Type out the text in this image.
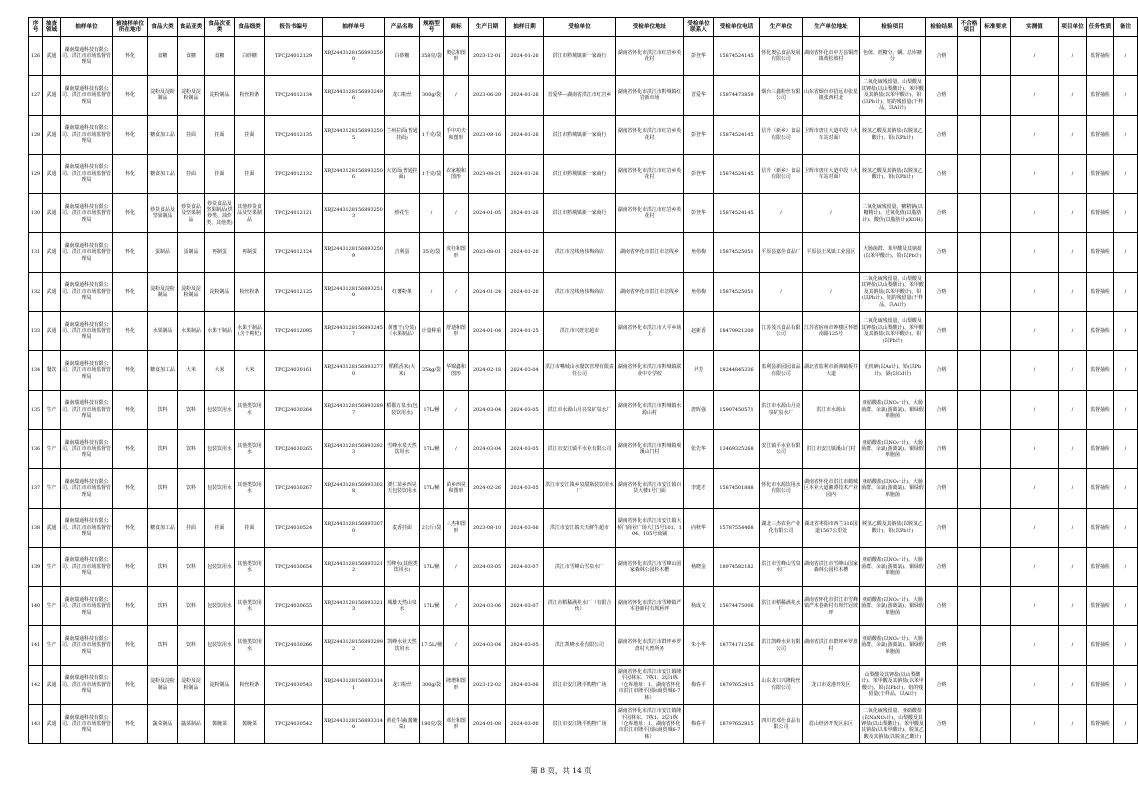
序号	抽查领域	抽样单位	被抽样单位所在地市	食品大类	食品亚类	食品次亚类	食品细类	报告书编号	抽样单号	产品名称	规格型号	商标	生产日期	抽样日期	受检单位	受检单位地址	受检单位联系人	受检单位电话	生产单位	生产单位地址	检验项目	检验结果	不合格项目	标准要求	实测值	项目单位	任务性质	备注
126	武通	湖南瑞通科技有限公司、洪江市市场监督管理局	怀化	食糖	食糖	食糖	白砂糖	TPCJ24012129	XBJ24431281568932500	白砂糖	358克/袋	奥弘和图形	2023-12-01	2024-01-26	洪江市黔城镇新一家商行	湖南省怀化市洪江市红岩乡英花村	彭登华	15874524145	怀化奥弘食品发展有限公司	湖南省怀化市中方县铜湾镇黄松坡村	色值、蔗糖分、螨、总库糖分	合格			/	/	监督抽检	/
127	武通	湖南瑞通科技有限公司、洪江市市场监督管理局	怀化	淀粉及淀粉制品	淀粉及淀粉制品	淀粉制品	粉丝粉条	TPCJ24012134	XBJ24431281568932496	龙口粉丝	300g/袋	/	2023-06-20	2024-01-26	晋爱华—湖南省洪江市红岩乡	湖南省怀化市洪江市黔城镇红岩新市场	晋爱华	15874473859	烟台三鑫粉丝有限公司	山东省烟台市招远市张星镇张西村北	二氧化硫残留量、山梨酸及其钾盐(以山梨酸计)、苯甲酸及其钠盐(以苯甲酸计)、铅(以Pb计)、铝的残留量(干样品，以Al计)	合格			/	/	监督抽检	/
128	武通	湖南瑞通科技有限公司、洪江市市场监督管理局	怀化	糖食加工品	挂面	挂面	挂面	TPCJ24012135	XBJ24431281568932505	兰州拉面(普通挂面)	1千克/袋	手中功夫和图形	2023-08-16	2024-01-26	洪江市黔城镇新一家商行	湖南省怀化市洪江市红岩乡英花村	彭登华	15874524145	信升（新乡）食品有限公司	卫辉市唐庄大道中段（火车站对面）	脱氢乙酸及其钠盐(以脱氢乙酸计)、铅(以Pb计)	合格			/	/	监督抽检	/
129	武通	湖南瑞通科技有限公司、洪江市市场监督管理局	怀化	糖食加工品	挂面	挂面	挂面	TPCJ24012132	XBJ24431281568932506	大宽面(普通挂面)	1千克/袋	农家粮和图形	2023-08-21	2024-01-26	洪江市黔城镇新一家商行	湖南省怀化市洪江市红岩乡英花村	彭登华	15874524145	信升（新乡）食品有限公司	卫辉市唐庄大道中段（火车站对面）	脱氢乙酸及其钠盐(以脱氢乙酸计)、铅(以Pb计)	合格			/	/	监督抽检	/
130	武通	湖南瑞通科技有限公司、洪江市市场监督管理局	怀化	炒货食品及坚果制品	炒货食品及坚果制品	炒货食品及坚果制品(烘炒类、油炸类、其他类)	其他炒货食品及坚果制品	TPCJ24012121	XBJ24431281568932503	炒花生	/	/	2024-01-05	2024-01-26	洪江市黔城镇新一家商行	湖南省怀化市洪江市红岩乡英花村	彭登华	15874524145	/	/	二氧化硫残留量、糖精钠(以糖精计)、过氧化值(以脂肪计)、酸价(以脂肪计)(KOH)	合格			/	/	监督抽检	/
131	武通	湖南瑞通科技有限公司、洪江市市场监督管理局	怀化	蛋制品	蛋制品	再制蛋	再制蛋	TPCJ24012124	XBJ24431281568932509	吉利蛋	35克/袋	虎径和图形	2023-08-01	2024-01-26	洪江市岔线角伟梅商店	湖南省怀化市洪江市岔线乡	角伟梅	15874525051	平原县嘉佳食品厂	平原县王凤镇工业园区	大肠菌群、苯甲酸及其钠盐(以苯甲酸计)、铅(以Pb计)	合格			/	/	监督抽检	/
132	武通	湖南瑞通科技有限公司、洪江市市场监督管理局	怀化	淀粉及淀粉制品	淀粉及淀粉制品	淀粉制品	粉丝粉条	TPCJ24012125	XBJ24431281568932510	红薯粉条	/	/	2024-01-24	2024-01-26	洪江市岔线角伟梅商店	湖南省怀化市洪江市岔线乡	角伟梅	15874525051	/	/	二氧化硫残留量、山梨酸及其钾盐(以山梨酸计)、苯甲酸及其钠盐(以苯甲酸计)、铅(以Pb计)、铝的残留量(干样品，以Al计)	合格			/	/	监督抽检	/
133	武通	湖南瑞通科技有限公司、洪江市市场监督管理局	怀化	水果制品	水果制品	水果干制品	水果干制品(含干枸杞)	TPCJ24012095	XBJ24431281568932457	黄蜜干(分装)（水果制品）	计量称重	舒迪和图形	2024-01-04	2024-01-25	洪江市兴旺宏超市	湖南省怀化市洪江市大平乡场上	赵新香	18479921209	江苏茂兴食品有限公司	江苏省宿州市钟楼区怀德南路125号	二氧化硫残留量、山梨酸及其钾盐(以山梨酸计)、苯甲酸及其钠盐(以苯甲酸计)、铅(以Pb计)	合格			/	/	监督抽检	/
134	餐饮	湖南瑞通科技有限公司、洪江市市场监督管理局	怀化	糖食加工品	大米	大米	大米	TPCJ24030161	XBJ24431281568932770	稻稻香米(大米)	25kg/袋	华锦鑫和图形	2024-02-18	2024-03-04	洪江市嘴城山水餐饮管理有限责任公司	湖南省怀化市洪江市黔城镇联业中专学校	尹芳	18244845336	监利县新园园食品有限公司	湖北省监利市新洲镇板井大道	无机砷(以As计)、铅(以Pb计)、镉(以Cd计)	合格			/	/	监督抽检	/
135	生产	湖南瑞通科技有限公司、洪江市市场监督管理局	怀化	饮料	饮料	包装饮用水	其他类饮用水	TPCJ24030264	XBJ24431281568932897	稻都万泉水(包装饮用水)	17L/桶	/	2024-03-04	2024-03-05	洪江市水源山月亮泉矿泉水厂	湖南省怀化市洪江市黔城镇水源山村	唐晖强	15907450571	洪江市水源山月亮泉矿泉水厂	洪江市水源山	亚硝酸盐(以NO₂⁻计)、大肠菌群、余氯(游离氯)、铜绿假单胞菌	合格			/	/	监督抽检	/
136	生产	湖南瑞通科技有限公司、洪江市市场监督管理局	怀化	饮料	饮料	包装饮用水	其他类饮用水	TPCJ24030265	XBJ24431281568932923	雪峰水泉天然饮用水	17L/桶	/	2024-03-04	2024-03-05	洪江市安江镇平水业有限公司	湖南省怀化市洪江市黔城镇观溪山门村	张先华	13469325268	安江镇平水业有限公司	洪江市安江镇溪山门村	亚硝酸盐(以NO₂⁻计)、大肠菌群、余氯(游离氯)、铜绿假单胞菌	合格			/	/	监督抽检	/
137	生产	湖南瑞通科技有限公司、洪江市市场监督管理局	怀化	饮料	饮料	包装饮用水	其他类饮用水	TPCJ24030267	XBJ24431281568933028	漂仁苗乡西昊天包装饮用水	17L/桶	苗乡西昊和图形	2024-02-26	2024-03-05	洪江市安江镇乡泉甜瓶装饮用水厂	湖南省怀化市洪江市安江镇百货大楼1号门面	李建才	15874501888	怀化市水源饮用水有限公司	湖南省怀化市洪江市鹤城区本业大道湘潭技术产业园内	亚硝酸盐(以NO₂⁻计)、大肠菌群、余氯(游离氯)、铜绿假单胞菌	合格			/	/	监督抽检	/
138	武通	湖南瑞通科技有限公司、洪江市市场监督管理局	怀化	糖食加工品	挂面	挂面	挂面	TPCJ24030524	XBJ24431281568933070	麦香挂面	2公斤/袋	三杰和图形	2023-08-10	2024-03-06	洪江市安江镇天天鲜生超市	湖南省怀化市洪江市安江镇大桥门商业广场大门5号101、104、105号商铺	向秋华	15787554468	湖北三杰农业产业化有限公司	湖北省枣阳市西兰316国道1567公里处	脱氢乙酸及其钠盐(以脱氢乙酸计)、铅(以Pb计)	合格			/	/	监督抽检	/
139	生产	湖南瑞通科技有限公司、洪江市市场监督管理局	怀化	饮料	饮料	包装饮用水	其他类饮用水	TPCJ24030654	XBJ24431281568933212	雪峰水(其他类饮用水)	17L/桶	/	2024-03-05	2024-03-07	洪江市雪峰山雪泉水厂	湖南省怀化市洪江市雪峰山国家森林公园杉木槽	杨晓金	18974582182	洪江市雪峰山雪泉水厂	湖南省洪江市雪峰山国家森林公园杉木槽	亚硝酸盐(以NO₂⁻计)、大肠菌群、余氯(游离氯)、铜绿假单胞菌	合格			/	/	监督抽检	/
140	生产	湖南瑞通科技有限公司、洪江市市场监督管理局	怀化	饮料	饮料	包装饮用水	其他类饮用水	TPCJ24030655	XBJ24431281568933213	城雄天然山泉水	17L/桶	/	2024-03-06	2024-03-07	洪江市稻稀满兆水厂（有限合伙）	湖南省怀化市洪江市雪峰镇严木巷新村有坝唇坪	杨成文	15874475006	洪江市稻稀满兆水厂	湖南省怀化市洪江市雪峰镇严木巷新村有坝竹冠坡坪	亚硝酸盐(以NO₂⁻计)、大肠菌群、余氯(游离氯)、铜绿假单胞菌	合格			/	/	监督抽检	/
141	生产	湖南瑞通科技有限公司、洪江市市场监督管理局	怀化	饮料	饮料	包装饮用水	其他类饮用水	TPCJ24030266	XBJ24431281568932992	凯峰水业天然饮用水	17.5L/桶	/	2024-03-04	2024-03-05	洪江凯峰水业有限公司	湖南省怀化市洪江市群坪乡罗盘村大曾所务	朱小华	18774171256	洪江凯峰水业有限公司	湖南省洪江市群坪乡罗盘村	亚硝酸盐(以NO₂⁻计)、大肠菌群、余氯(游离氯)、铜绿假单胞菌	合格			/	/	监督抽检	/
142	武通	湖南瑞通科技有限公司、洪江市市场监督管理局	怀化	淀粉及淀粉制品	淀粉及淀粉制品	淀粉制品	粉丝粉条	TPCJ24030543	XBJ24431281568933141	龙口粉丝	300g/袋	隆增和图形	2023-12-02	2024-03-06	洪江市安江隆平购物广场	湖南省怀化市洪江市安江镇隆平园林东、7栋1、2层1栋（仓库地址：1、湖南省怀化市洪江市隆平国际商贸城6-7栋）	梅春平	18797652815	山东龙口兴隆粉丝有限公司	龙口市龙港开发区	山梨酸及其钾盐(以山梨酸计)、苯甲酸及其钠盐(以苯甲酸计)、铅(以Pb计)、铝的残留量(干样品，以Al计)	合格			/	/	监督抽检	/
143	武通	湖南瑞通科技有限公司、洪江市市场监督管理局	怀化	蔬菜制品	蔬菜制品	酱腌菜	酱腌菜	TPCJ24030542	XBJ24431281568933140	黄花牛铺(酱腌菜)	180克/袋	邓仕和图形	2024-01-08	2024-03-06	洪江市安江隆平购物广场	湖南省怀化市洪江市安江镇隆平园林东、7栋1、2层1栋（仓库地址：1、湖南省怀化市洪江市隆平国际商贸城6-7栋）	梅春平	18797652815	四川省邓仕食品有限公司	眉山经济开发区东区	二氧化硫残留量、亚硝酸盐(以NaNO₂计)、山梨酸及其钾盐(以山梨酸计)、苯甲酸及其钠盐(以苯甲酸计)、脱氢乙酸及其钠盐(以脱氢乙酸计)	合格			/	/	监督抽检	/
第 8 页，共 14 页
